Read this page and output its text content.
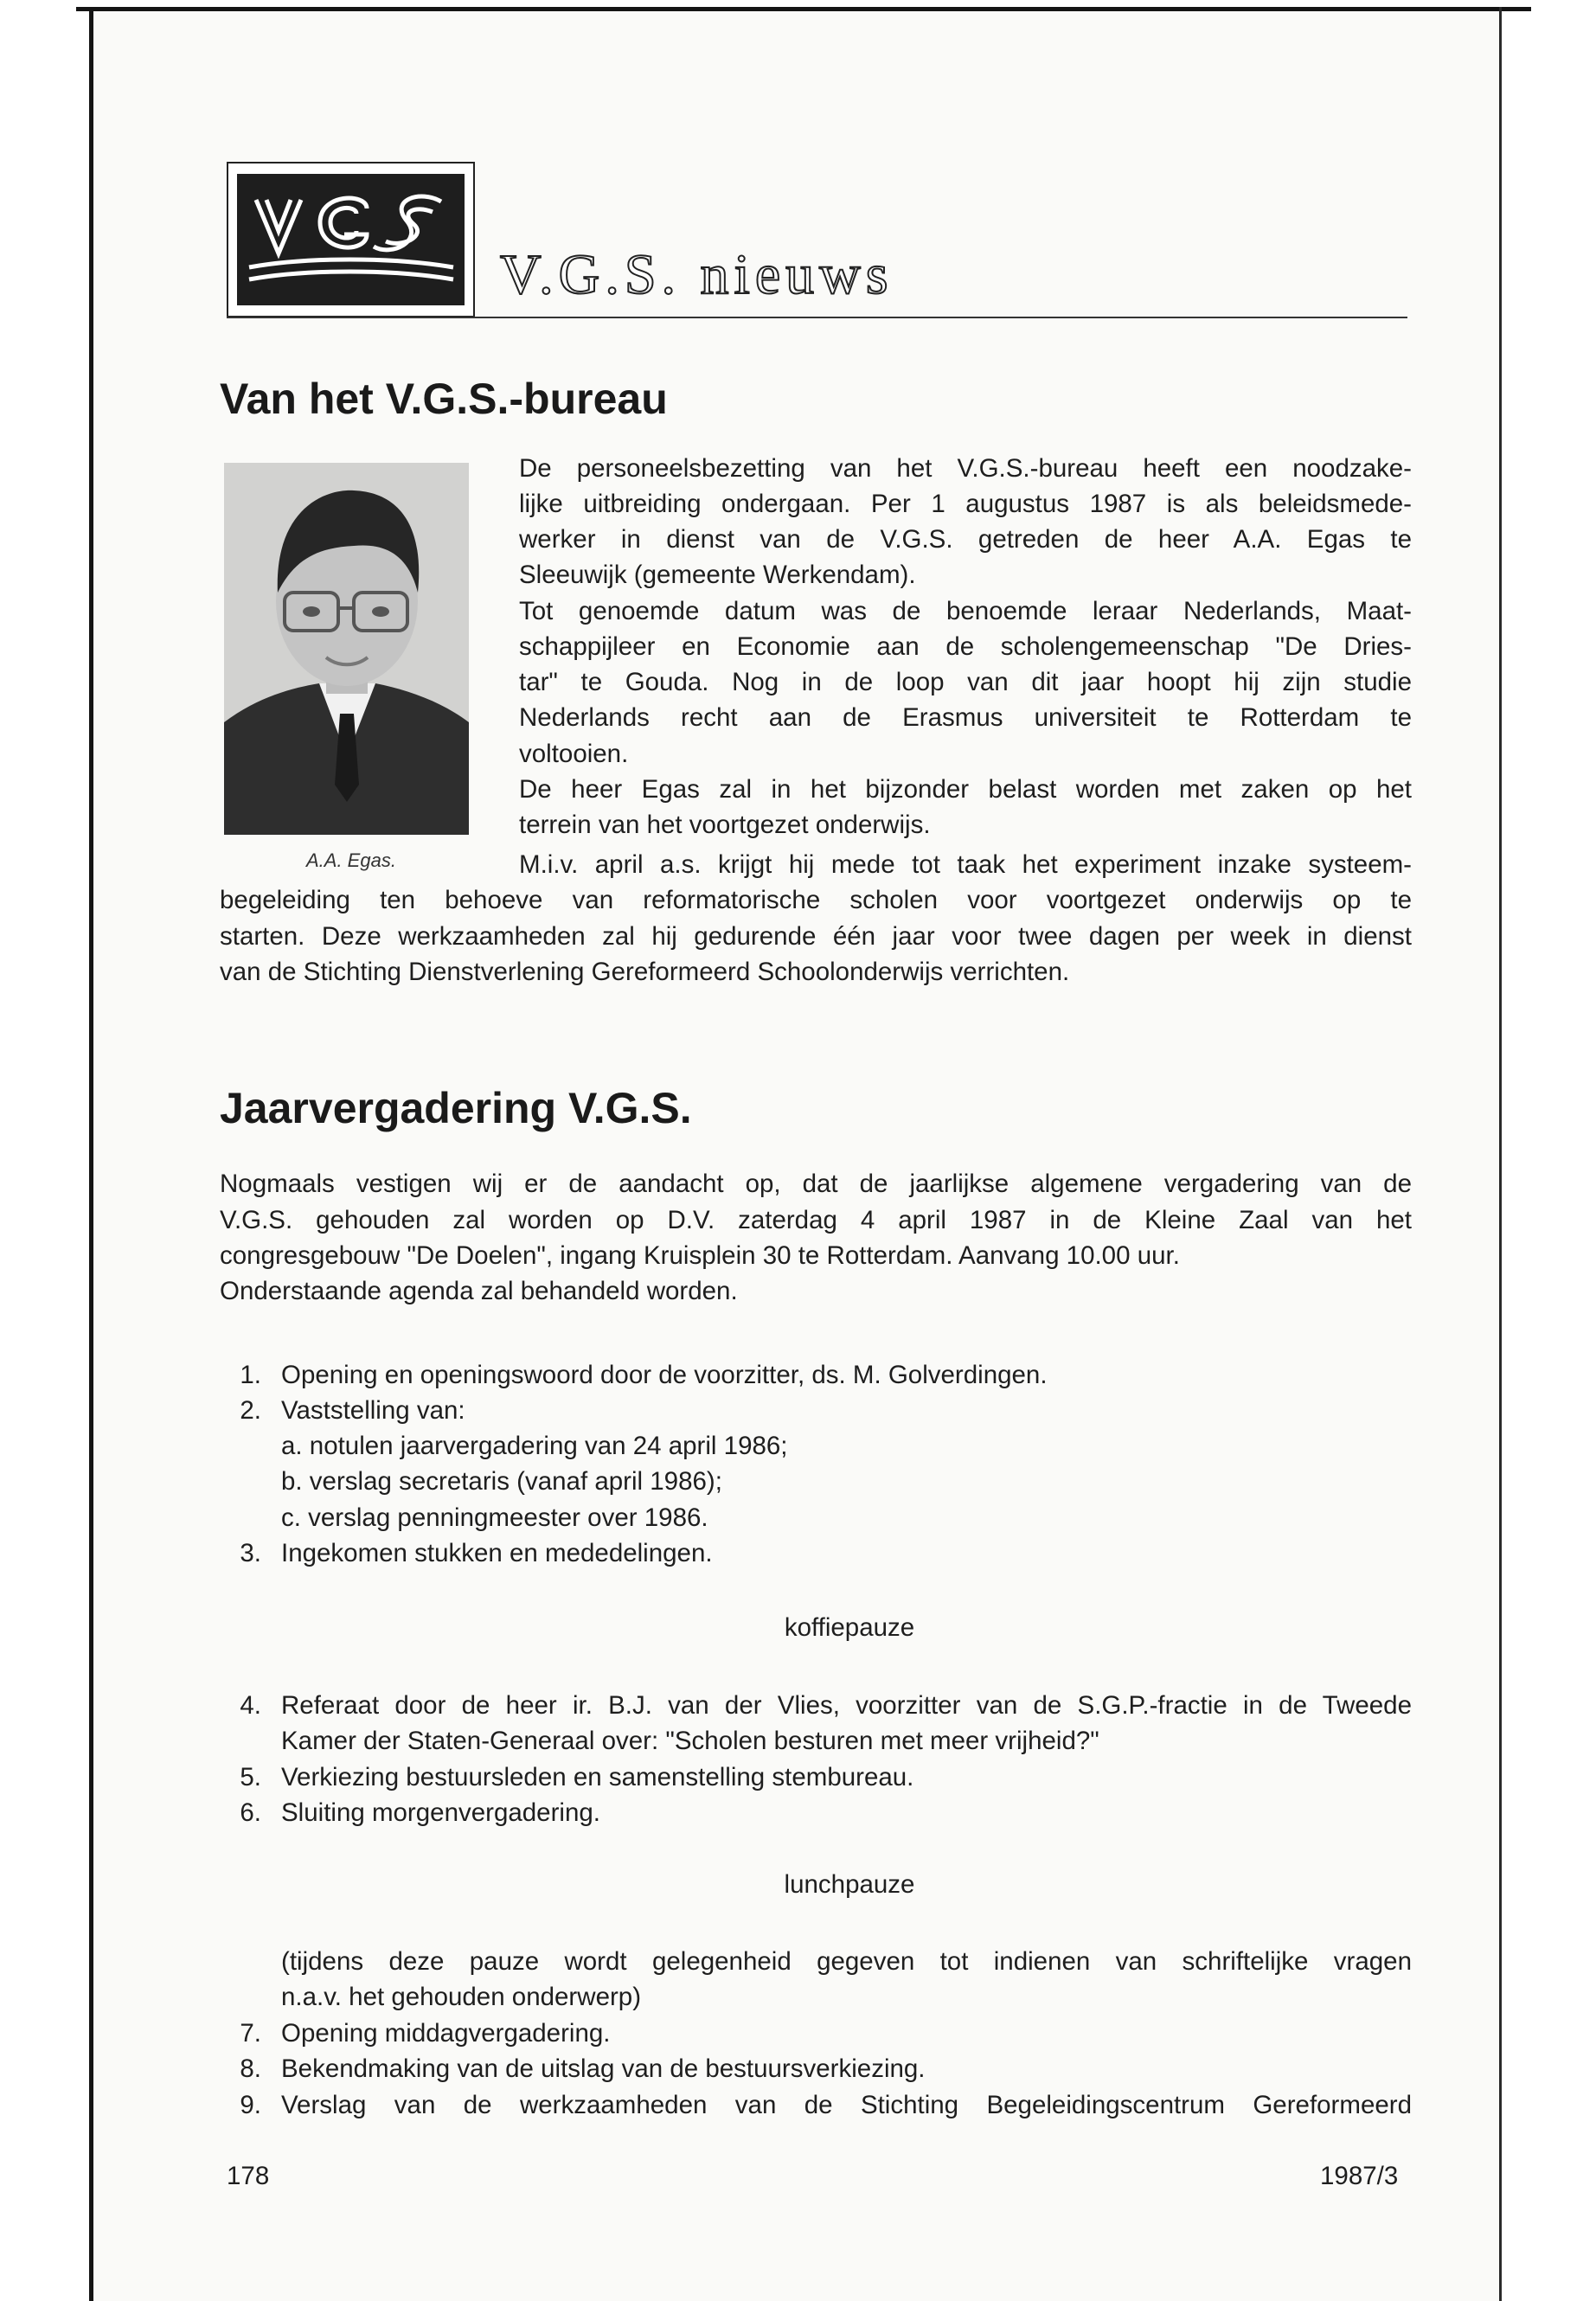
V.G.S. nieuws
Van het V.G.S.-bureau
A.A. Egas.

De personeelsbezetting van het V.G.S.-bureau heeft een noodzake-

lijke uitbreiding ondergaan. Per 1 augustus 1987 is als beleidsmede-

werker in dienst van de V.G.S. getreden de heer A.A. Egas te

Sleeuwijk (gemeente Werkendam).

Tot genoemde datum was de benoemde leraar Nederlands, Maat-

schappijleer en Economie aan de scholengemeenschap "De Dries-

tar" te Gouda. Nog in de loop van dit jaar hoopt hij zijn studie

Nederlands recht aan de Erasmus universiteit te Rotterdam te

voltooien.

De heer Egas zal in het bijzonder belast worden met zaken op het

terrein van het voortgezet onderwijs.

M.i.v. april a.s. krijgt hij mede tot taak het experiment inzake systeem-

begeleiding ten behoeve van reformatorische scholen voor voortgezet onderwijs op te

starten. Deze werkzaamheden zal hij gedurende één jaar voor twee dagen per week in dienst

van de Stichting Dienstverlening Gereformeerd Schoolonderwijs verrichten.

Jaarvergadering V.G.S.

Nogmaals vestigen wij er de aandacht op, dat de jaarlijkse algemene vergadering van de

V.G.S. gehouden zal worden op D.V. zaterdag 4 april 1987 in de Kleine Zaal van het

congresgebouw "De Doelen", ingang Kruisplein 30 te Rotterdam. Aanvang 10.00 uur.

Onderstaande agenda zal behandeld worden.

1. Opening en openingswoord door de voorzitter, ds. M. Golverdingen.

2. Vaststelling van:

a. notulen jaarvergadering van 24 april 1986;

b. verslag secretaris (vanaf april 1986);

c. verslag penningmeester over 1986.

3. Ingekomen stukken en mededelingen.

koffiepauze
4. Referaat door de heer ir. B.J. van der Vlies, voorzitter van de S.G.P.-fractie in de Tweede

Kamer der Staten-Generaal over: "Scholen besturen met meer vrijheid?"

5. Verkiezing bestuursleden en samenstelling stembureau.

6. Sluiting morgenvergadering.

lunchpauze

(tijdens deze pauze wordt gelegenheid gegeven tot indienen van schriftelijke vragen

n.a.v. het gehouden onderwerp)

7. Opening middagvergadering.

8. Bekendmaking van de uitslag van de bestuursverkiezing.

9. Verslag van de werkzaamheden van de Stichting Begeleidingscentrum Gereformeerd

178	1987/3
